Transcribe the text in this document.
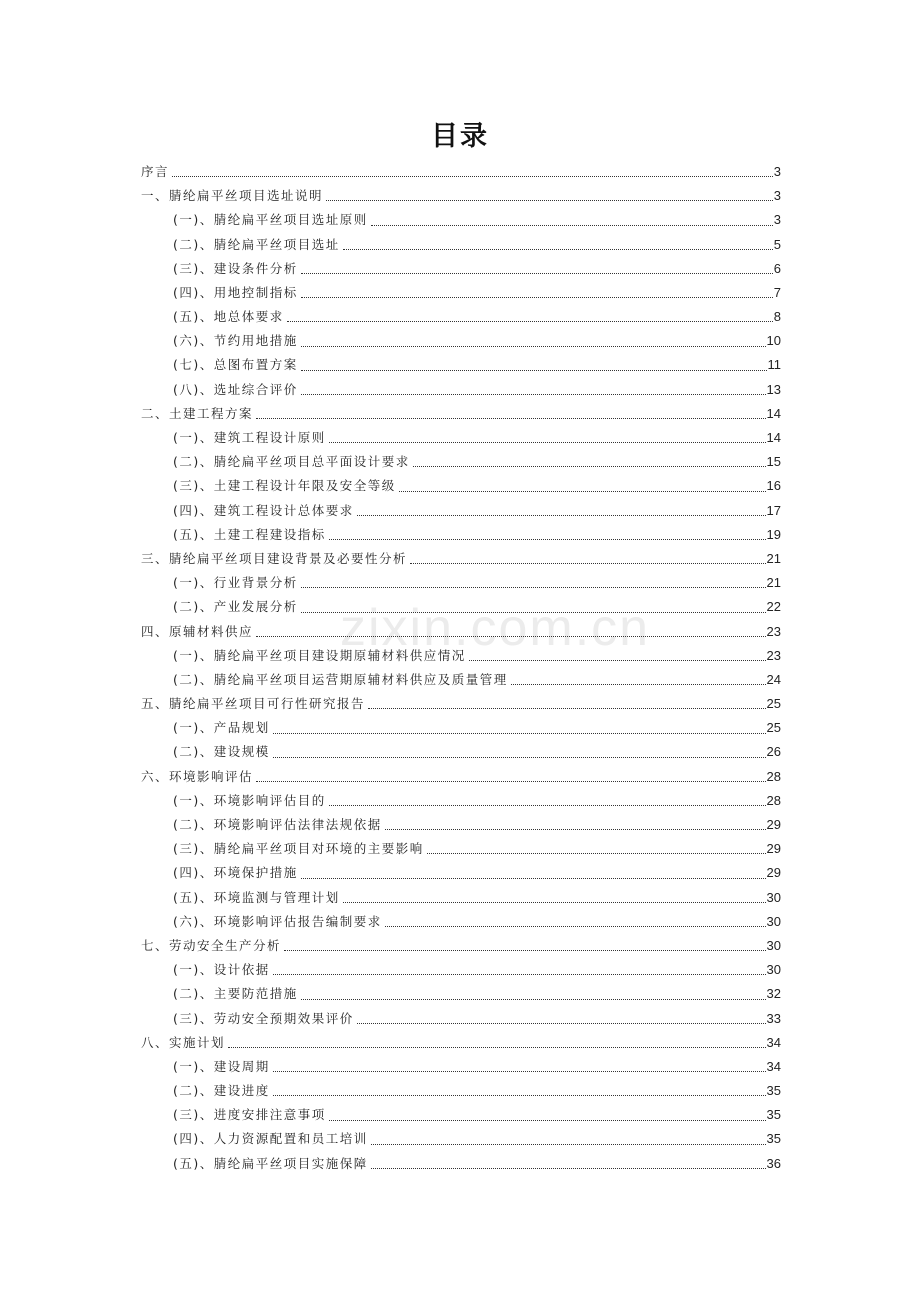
zixin.com.cn
目录
序言	3
一、腈纶扁平丝项目选址说明	3
(一)、腈纶扁平丝项目选址原则	3
(二)、腈纶扁平丝项目选址	5
(三)、建设条件分析	6
(四)、用地控制指标	7
(五)、地总体要求	8
(六)、节约用地措施	10
(七)、总图布置方案	11
(八)、选址综合评价	13
二、土建工程方案	14
(一)、建筑工程设计原则	14
(二)、腈纶扁平丝项目总平面设计要求	15
(三)、土建工程设计年限及安全等级	16
(四)、建筑工程设计总体要求	17
(五)、土建工程建设指标	19
三、腈纶扁平丝项目建设背景及必要性分析	21
(一)、行业背景分析	21
(二)、产业发展分析	22
四、原辅材料供应	23
(一)、腈纶扁平丝项目建设期原辅材料供应情况	23
(二)、腈纶扁平丝项目运营期原辅材料供应及质量管理	24
五、腈纶扁平丝项目可行性研究报告	25
(一)、产品规划	25
(二)、建设规模	26
六、环境影响评估	28
(一)、环境影响评估目的	28
(二)、环境影响评估法律法规依据	29
(三)、腈纶扁平丝项目对环境的主要影响	29
(四)、环境保护措施	29
(五)、环境监测与管理计划	30
(六)、环境影响评估报告编制要求	30
七、劳动安全生产分析	30
(一)、设计依据	30
(二)、主要防范措施	32
(三)、劳动安全预期效果评价	33
八、实施计划	34
(一)、建设周期	34
(二)、建设进度	35
(三)、进度安排注意事项	35
(四)、人力资源配置和员工培训	35
(五)、腈纶扁平丝项目实施保障	36
